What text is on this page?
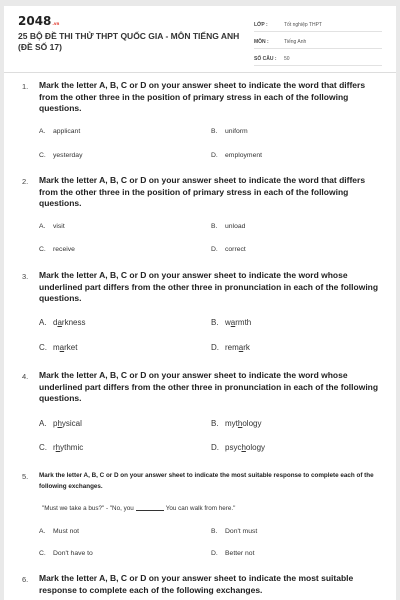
2048.vn
25 BỘ ĐỀ THI THỬ THPT QUỐC GIA - MÔN TIẾNG ANH (ĐỀ SỐ 17)
LỚP :	Tốt nghiệp THPT
MÔN :	Tiếng Anh
SỐ CÂU :	50
1. Mark the letter A, B, C or D on your answer sheet to indicate the word that differs from the other three in the position of primary stress in each of the following questions.
A. applicant	B. uniform
C. yesterday	D. employment
2. Mark the letter A, B, C or D on your answer sheet to indicate the word that differs from the other three in the position of primary stress in each of the following questions.
A. visit	B. unload
C. receive	D. correct
3. Mark the letter A, B, C or D on your answer sheet to indicate the word whose underlined part differs from the other three in pronunciation in each of the following questions.
A. darkness	B. warmth
C. market	D. remark
4. Mark the letter A, B, C or D on your answer sheet to indicate the word whose underlined part differs from the other three in pronunciation in each of the following questions.
A. physical	B. mythology
C. rhythmic	D. psychology
5. Mark the letter A, B, C or D on your answer sheet to indicate the most suitable response to complete each of the following exchanges.
"Must we take a bus?" - "No, you	You can walk from here."
A. Must not	B. Don't must
C. Don't have to	D. Better not
6. Mark the letter A, B, C or D on your answer sheet to indicate the most suitable response to complete each of the following exchanges.
